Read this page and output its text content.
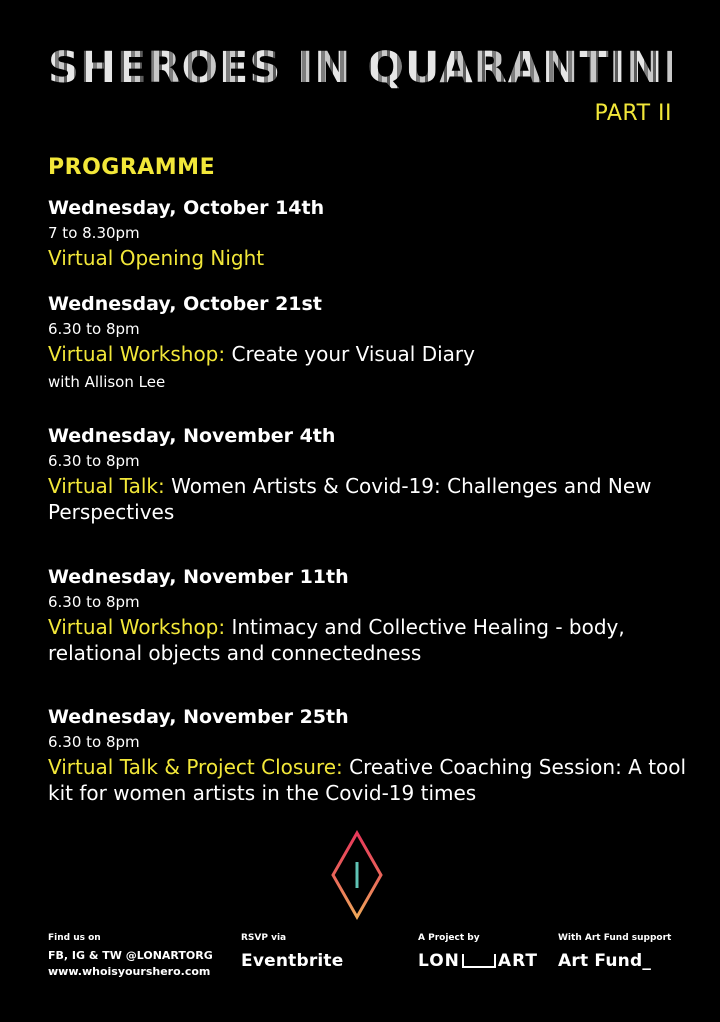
SHEROES IN QUARANTINE
PART II
PROGRAMME
Wednesday, October 14th
7 to 8.30pm
Virtual Opening Night
Wednesday, October 21st
6.30 to 8pm
Virtual Workshop: Create your Visual Diary
with Allison Lee
Wednesday, November 4th
6.30 to 8pm
Virtual Talk: Women Artists & Covid-19: Challenges and New Perspectives
Wednesday, November 11th
6.30 to 8pm
Virtual Workshop: Intimacy and Collective Healing - body, relational objects and connectedness
Wednesday, November 25th
6.30 to 8pm
Virtual Talk & Project Closure: Creative Coaching Session: A tool kit for women artists in the Covid-19 times
Find us on
FB, IG & TW @LONARTORG
www.whoisyourshero.com
RSVP via
Eventbrite
A Project by
LON ART
With Art Fund support
Art Fund_
